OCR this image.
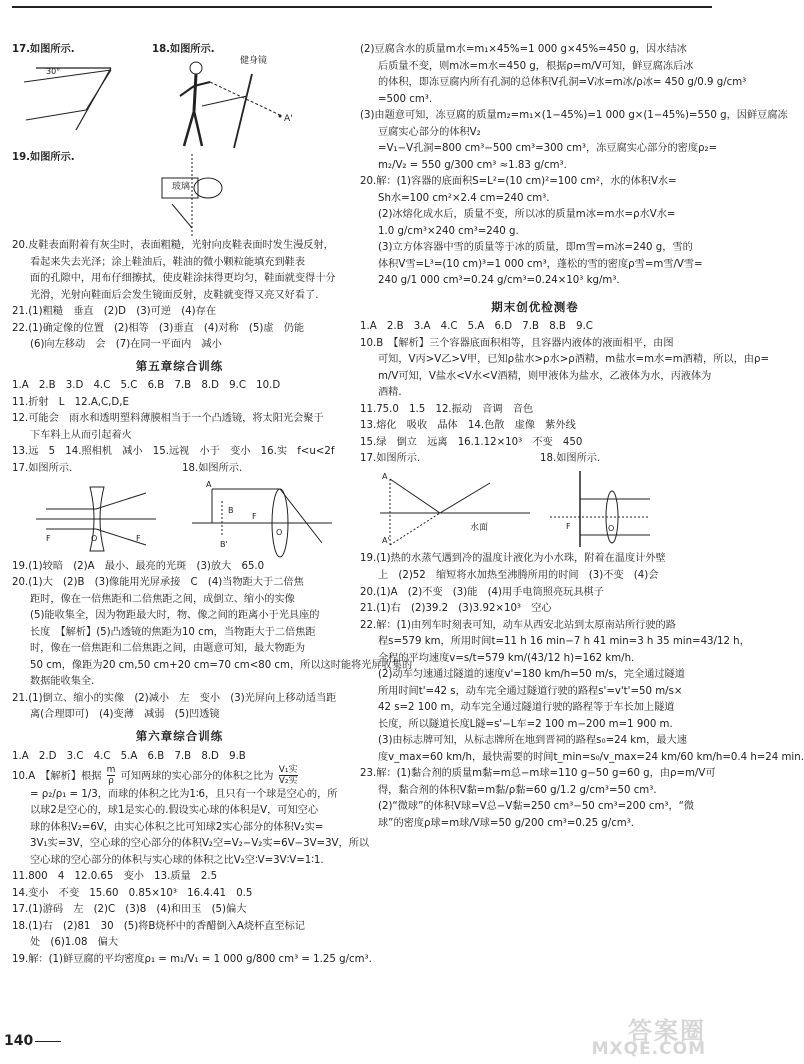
17.如图所示.	18.如图所示.
30°
健身镜
A'
19.如图所示.
玻璃
20.皮鞋表面附着有灰尘时，表面粗糙，光射向皮鞋表面时发生漫反射，
看起来失去光泽；涂上鞋油后，鞋油的微小颗粒能填充到鞋表
面的孔隙中，用布仔细擦拭，使皮鞋涂抹得更均匀，鞋面就变得十分
光滑，光射向鞋面后会发生镜面反射，皮鞋就变得又亮又好看了.
21.(1)粗糙　垂直　(2)D　(3)可逆　(4)存在
22.(1)确定像的位置　(2)相等　(3)垂直　(4)对称　(5)虚　仍能
(6)向左移动　会　(7)在同一平面内　减小
第五章综合训练
1.A　2.B　3.D　4.C　5.C　6.B　7.B　8.D　9.C　10.D
11.折射　L　12.A,C,D,E
12.可能会　雨水和透明塑料薄膜相当于一个凸透镜，将太阳光会聚于
下车料上从而引起着火
13.远　5　14.照相机　减小　15.远视　小于　变小　16.实　f<u<2f
17.如图所示.	18.如图所示.
F	O	F
A
B
B'
O
F
19.(1)较暗　(2)A　最小、最亮的光斑　(3)放大　65.0
20.(1)大　(2)B　(3)像能用光屏承接　C　(4)当物距大于二倍焦
距时，像在一倍焦距和二倍焦距之间，成倒立、缩小的实像
(5)能收集全，因为物距最大时，物、像之间的距离小于光具座的
长度　【解析】(5)凸透镜的焦距为10 cm，当物距大于二倍焦距
时，像在一倍焦距和二倍焦距之间，由题意可知，最大物距为
50 cm，像距为20 cm,50 cm+20 cm=70 cm<80 cm，所以这时能将光屏收集的
数据能收集全.
21.(1)倒立、缩小的实像　(2)减小　左　变小　(3)光屏向上移动适当距
离(合理即可)　(4)变薄　减弱　(5)凹透镜
第六章综合训练
1.A　2.D　3.C　4.C　5.A　6.B　7.B　8.D　9.B
10.A　【解析】根据 $\frac{m}{\rho}$ 可知两球的实心部分的体积之比为 $\frac{\text{V₁实}}{\text{V₂实}}$
= ρ₂/ρ₁ = 1/3，而球的体积之比为1∶6，且只有一个球是空心的，所
以球2是空心的，球1是实心的.假设实心球的体积是V，可知空心
球的体积V₂=6V，由实心体积之比可知球2实心部分的体积V₂实=
3V₁实=3V，空心球的空心部分的体积V₂空=V₂−V₂实=6V−3V=3V，所以
空心球的空心部分的体积与实心球的体积之比V₂空∶V=3V∶V=1∶1.
11.800　4　12.0.65　变小　13.质量　2.5
14.变小　不变　15.60　0.85×10³　16.4.41　0.5
17.(1)游码　左　(2)C　(3)8　(4)和田玉　(5)偏大
18.(1)右　(2)81　30　(5)将B烧杯中的香醋倒入A烧杯直至标记
处　(6)1.08　偏大
19.解：(1)鲜豆腐的平均密度ρ₁ = m₁/V₁ = 1 000 g/800 cm³ = 1.25 g/cm³.
(2)豆腐含水的质量m水=m₁×45%=1 000 g×45%=450 g，因水结冰
后质量不变，则m冰=m水=450 g，根据ρ=m/V可知，鲜豆腐冻后冰
的体积，即冻豆腐内所有孔洞的总体积V孔洞=V冰=m冰/ρ冰= 450 g/0.9 g/cm³
=500 cm³.
(3)由题意可知，冻豆腐的质量m₂=m₁×(1−45%)=1 000 g×(1−45%)=550 g，因鲜豆腐冻
豆腐实心部分的体积V₂
=V₁−V孔洞=800 cm³−500 cm³=300 cm³，冻豆腐实心部分的密度ρ₂=
m₂/V₂ = 550 g/300 cm³ ≈1.83 g/cm³.
20.解：(1)容器的底面积S=L²=(10 cm)²=100 cm²，水的体积V水=
Sh水=100 cm²×2.4 cm=240 cm³.
(2)冰熔化成水后，质量不变，所以冰的质量m冰=m水=ρ水V水=
1.0 g/cm³×240 cm³=240 g.
(3)立方体容器中雪的质量等于冰的质量，即m雪=m冰=240 g，雪的
体积V雪=L³=(10 cm)³=1 000 cm³，蓬松的雪的密度ρ雪=m雪/V雪=
240 g/1 000 cm³=0.24 g/cm³=0.24×10³ kg/m³.
期末创优检测卷
1.A　2.B　3.A　4.C　5.A　6.D　7.B　8.B　9.C
10.B　【解析】三个容器底面积相等，且容器内液体的液面相平，由图
可知，V丙>V乙>V甲，已知ρ盐水>ρ水>ρ酒精，m盐水=m水=m酒精，所以，由ρ=
m/V可知，V盐水<V水<V酒精，则甲液体为盐水，乙液体为水，丙液体为
酒精.
11.75.0　1.5　12.振动　音调　音色
13.熔化　吸收　晶体　14.色散　虚像　紫外线
15.绿　倒立　远离　16.1.12×10³　不变　450
17.如图所示.	18.如图所示.
A
A'
水面	F	O
19.(1)热的水蒸气遇到冷的温度计液化为小水珠，附着在温度计外壁
上　(2)52　缩短将水加热至沸腾所用的时间　(3)不变　(4)会
20.(1)A　(2)不变　(3)能　(4)用手电筒照亮玩具棋子
21.(1)右　(2)39.2　(3)3.92×10³　空心
22.解：(1)由列车时刻表可知，动车从西安北站到太原南站所行驶的路
程s=579 km，所用时间t=11 h 16 min−7 h 41 min=3 h 35 min=43/12 h，
全程的平均速度v=s/t=579 km/(43/12 h)=162 km/h.
(2)动车匀速通过隧道的速度v'=180 km/h=50 m/s，完全通过隧道
所用时间t'=42 s，动车完全通过隧道行驶的路程s'=v't'=50 m/s×
42 s=2 100 m，动车完全通过隧道行驶的路程等于车长加上隧道
长度，所以隧道长度L隧=s'−L车=2 100 m−200 m=1 900 m.
(3)由标志牌可知，从标志牌所在地到晋祠的路程s₀=24 km，最大速
度v_max=60 km/h，最快需要的时间t_min=s₀/v_max=24 km/60 km/h=0.4 h=24 min.
23.解：(1)黏合剂的质量m黏=m总−m球=110 g−50 g=60 g，由ρ=m/V可
得，黏合剂的体积V黏=m黏/ρ黏=60 g/1.2 g/cm³=50 cm³.
(2)“微球”的体积V球=V总−V黏=250 cm³−50 cm³=200 cm³，“微
球”的密度ρ球=m球/V球=50 g/200 cm³=0.25 g/cm³.
140	答案圈
MXQE.COM
